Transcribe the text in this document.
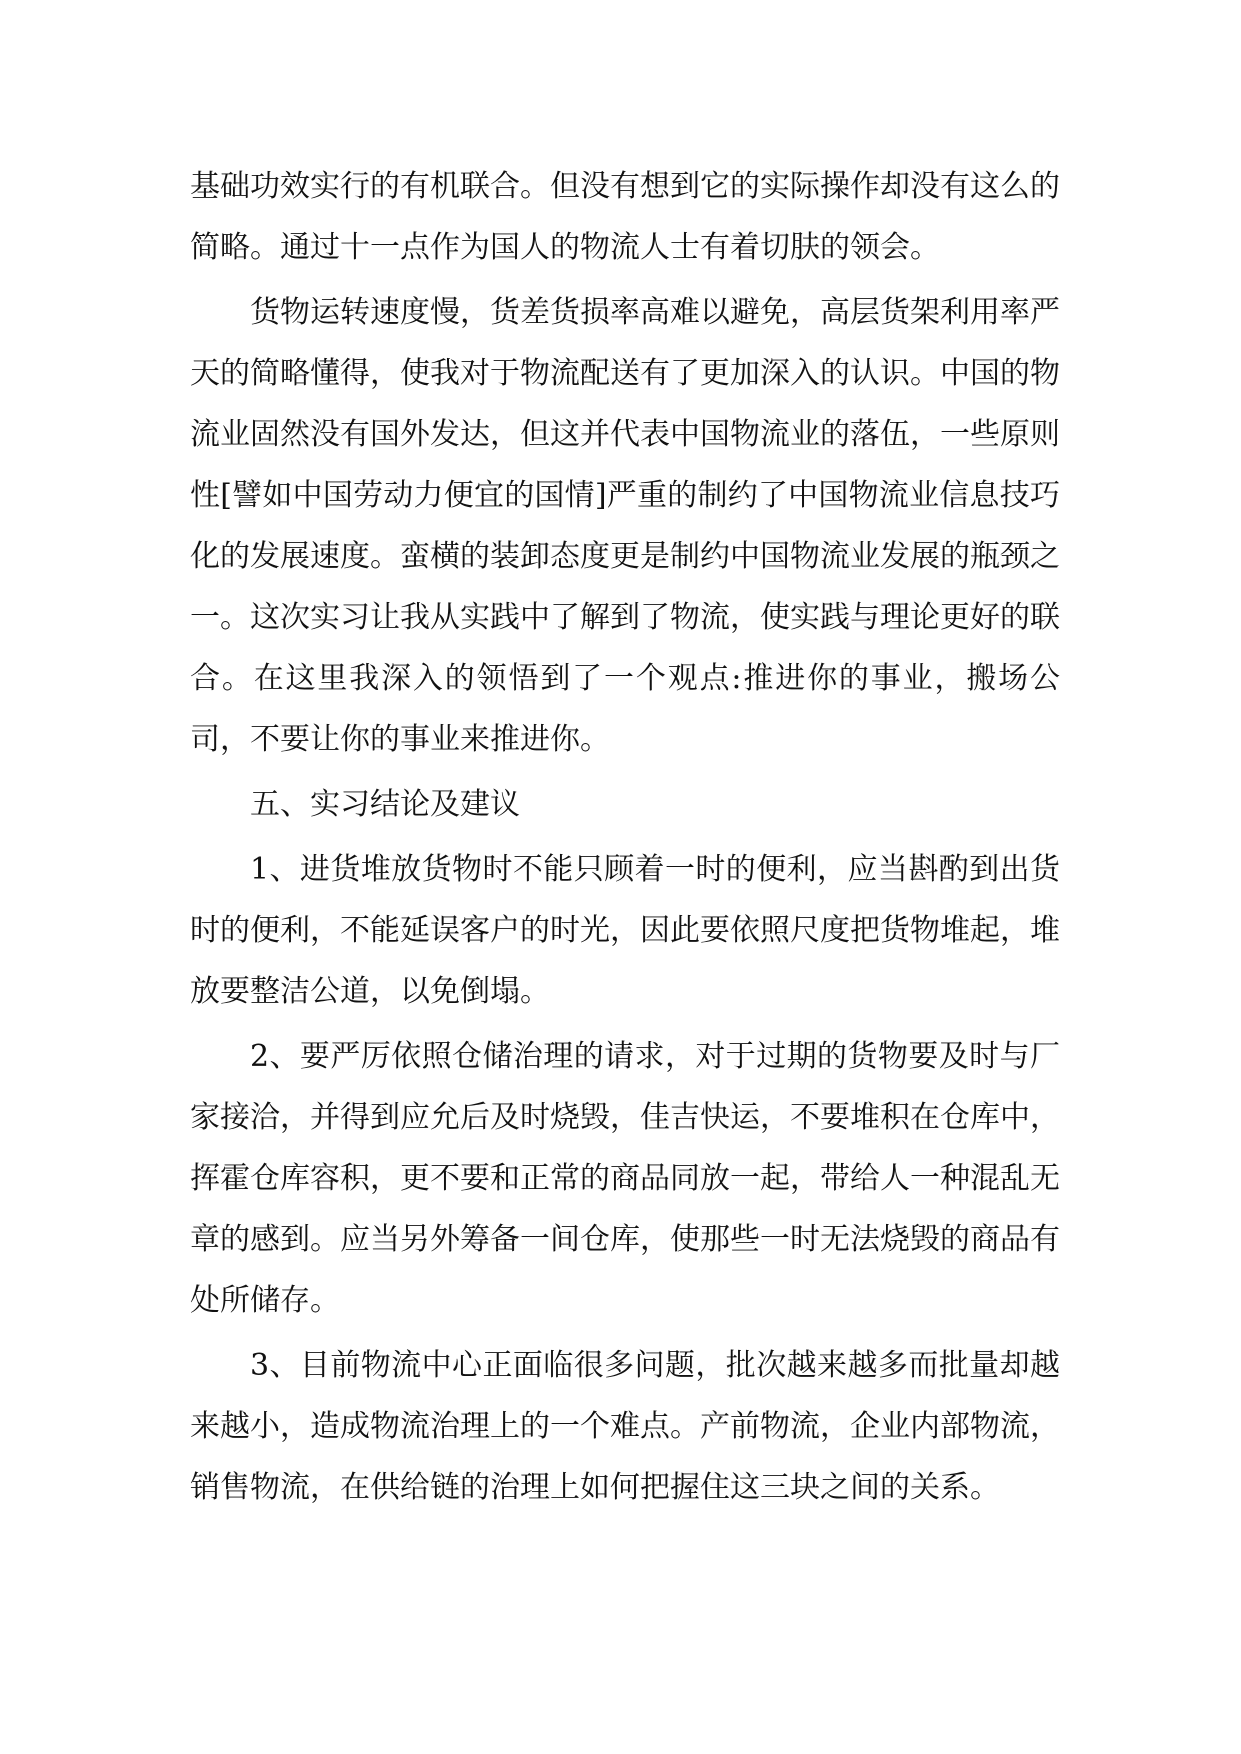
基础功效实行的有机联合。但没有想到它的实际操作却没有这么的简略。通过十一点作为国人的物流人士有着切肤的领会。

货物运转速度慢，货差货损率高难以避免，高层货架利用率严天的简略懂得，使我对于物流配送有了更加深入的认识。中国的物流业固然没有国外发达，但这并代表中国物流业的落伍，一些原则性[譬如中国劳动力便宜的国情]严重的制约了中国物流业信息技巧化的发展速度。蛮横的装卸态度更是制约中国物流业发展的瓶颈之一。这次实习让我从实践中了解到了物流，使实践与理论更好的联合。在这里我深入的领悟到了一个观点:推进你的事业，搬场公司，不要让你的事业来推进你。

五、实习结论及建议

1、进货堆放货物时不能只顾着一时的便利，应当斟酌到出货时的便利，不能延误客户的时光，因此要依照尺度把货物堆起，堆放要整洁公道，以免倒塌。

2、要严厉依照仓储治理的请求，对于过期的货物要及时与厂家接洽，并得到应允后及时烧毁，佳吉快运，不要堆积在仓库中，挥霍仓库容积，更不要和正常的商品同放一起，带给人一种混乱无章的感到。应当另外筹备一间仓库，使那些一时无法烧毁的商品有处所储存。

3、目前物流中心正面临很多问题，批次越来越多而批量却越来越小，造成物流治理上的一个难点。产前物流，企业内部物流，销售物流，在供给链的治理上如何把握住这三块之间的关系。
